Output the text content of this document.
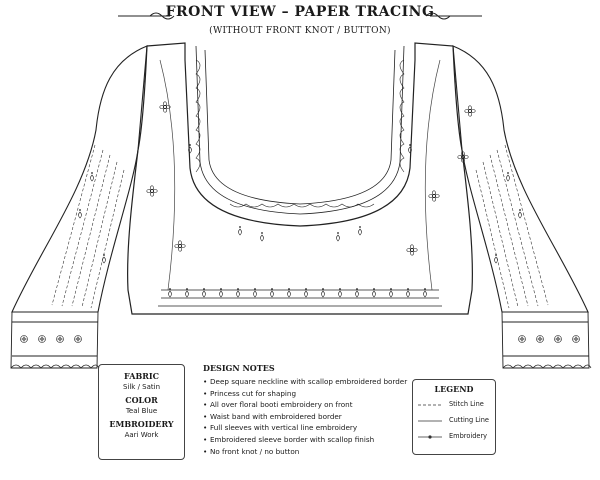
FRONT VIEW – PAPER TRACING
(WITHOUT FRONT KNOT / BUTTON)
FABRIC
Silk / Satin
COLOR
Teal Blue
EMBROIDERY
Aari Work
DESIGN NOTES
• Deep square neckline with scallop embroidered border
• Princess cut for shaping
• All over floral booti embroidery on front
• Waist band with embroidered border
• Full sleeves with vertical line embroidery
• Embroidered sleeve border with scallop finish
• No front knot / no button
LEGEND
Stitch Line
Cutting Line
Embroidery
